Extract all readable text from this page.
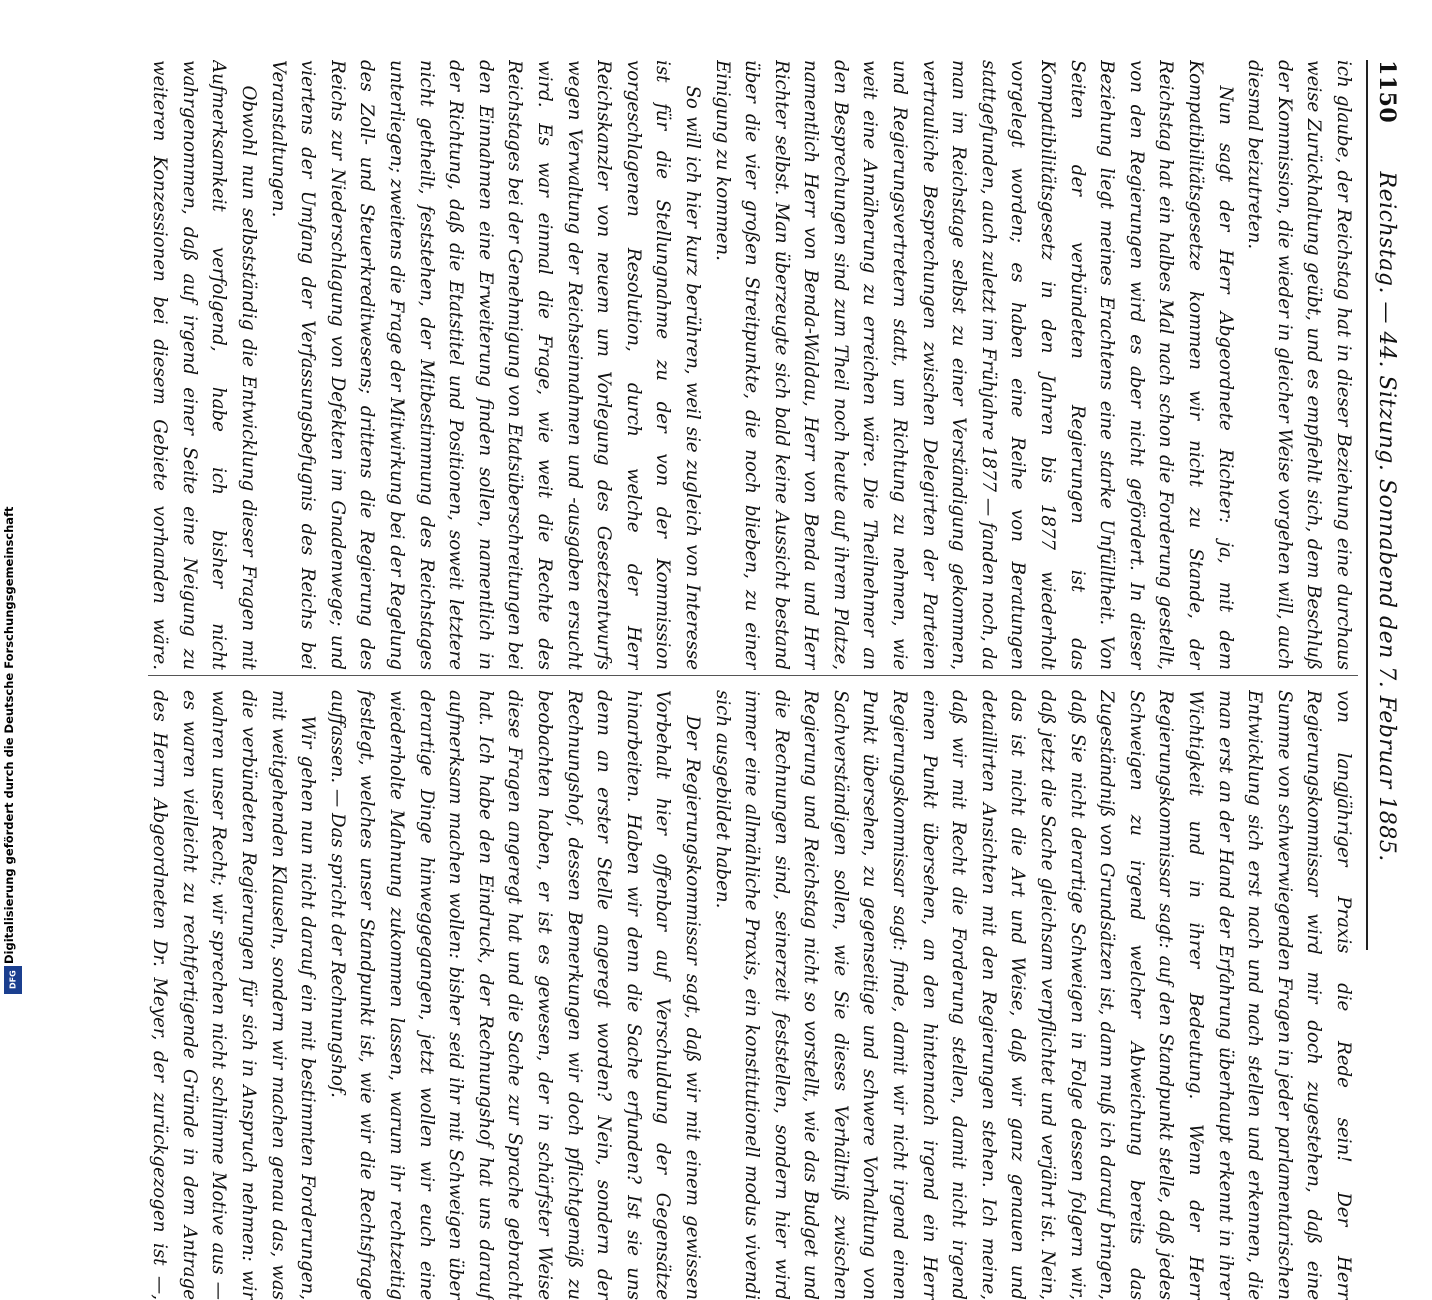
1150
Reichstag. — 44. Sitzung. Sonnabend den 7. Februar 1885.

ich glaube, der Reichstag hat in dieser Beziehung eine durchaus weise Zurückhaltung geübt, und es empfiehlt sich, dem Beschluß der Kommission, die wieder in gleicher Weise vorgehen will, auch diesmal beizutreten.

Nun sagt der Herr Abgeordnete Richter: ja, mit dem Kompatibilitätsgesetze kommen wir nicht zu Stande, der Reichstag hat ein halbes Mal nach schon die Forderung gestellt, von den Regierungen wird es aber nicht gefördert. In dieser Beziehung liegt meines Erachtens eine starke Unfülltheit. Von Seiten der verbündeten Regierungen ist das Kompatibilitätsgesetz in den Jahren bis 1877 wiederholt vorgelegt worden; es haben eine Reihe von Beratungen stattgefunden, auch zuletzt im Frühjahre 1877 — fanden noch, da man im Reichstage selbst zu einer Verständigung gekommen, vertrauliche Besprechungen zwischen Delegirten der Parteien und Regierungsvertretern statt, um Richtung zu nehmen, wie weit eine Annäherung zu erreichen wäre. Die Theilnehmer an den Besprechungen sind zum Theil noch heute auf ihrem Platze, namentlich Herr von Benda-Waldau, Herr von Benda und Herr Richter selbst. Man überzeugte sich bald keine Aussicht bestand über die vier großen Streitpunkte, die noch blieben, zu einer Einigung zu kommen.

So will ich hier kurz berühren, weil sie zugleich von Interesse ist für die Stellungnahme zu der von der Kommission vorgeschlagenen Resolution, durch welche der Herr Reichskanzler von neuem um Vorlegung des Gesetzentwurfs wegen Verwaltung der Reichseinnahmen und -ausgaben ersucht wird. Es war einmal die Frage, wie weit die Rechte des Reichstages bei der Genehmigung von Etatsüberschreitungen bei den Einnahmen eine Erweiterung finden sollen, namentlich in der Richtung, daß die Etatstitel und Positionen, soweit letztere nicht getheilt, feststehen, der Mitbestimmung des Reichstages unterliegen; zweitens die Frage der Mitwirkung bei der Regelung des Zoll- und Steuerkreditwesens; drittens die Regierung des Reichs zur Niederschlagung von Defekten im Gnadenwege; und viertens der Umfang der Verfassungsbefugnis des Reichs bei Veranstaltungen.

Obwohl nun selbstständig die Entwicklung dieser Fragen mit Aufmerksamkeit verfolgend, habe ich bisher nicht wahrgenommen, daß auf irgend einer Seite eine Neigung zu weiteren Konzessionen bei diesem Gebiete vorhanden wäre.

von langjähriger Praxis die Rede sein! Der Herr Regierungskommissar wird mir doch zugestehen, daß eine Summe von schwerwiegenden Fragen in jeder parlamentarischen Entwicklung sich erst nach und nach stellen und erkennen, die man erst an der Hand der Erfahrung überhaupt erkennt in ihrer Wichtigkeit und in ihrer Bedeutung. Wenn der Herr Regierungskommissar sagt: auf den Standpunkt stelle, daß jedes Schweigen zu irgend welcher Abweichung bereits das Zugeständniß von Grundsätzen ist, dann muß ich darauf bringen, daß Sie nicht derartige Schweigen in Folge dessen folgern wir, daß jetzt die Sache gleichsam verpflichtet und verjährt ist. Nein, das ist nicht die Art und Weise, daß wir ganz genauen und detaillirten Ansichten mit den Regierungen stehen. Ich meine, daß wir mit Recht die Forderung stellen, damit nicht irgend einen Punkt übersehen, an den hintennach irgend ein Herr Regierungskommissar sagt: finde, damit wir nicht irgend einen Punkt übersehen, zu gegenseitige und schwere Vorhaltung von Sachverständigen sollen, wie Sie dieses Verhältniß zwischen Regierung und Reichstag nicht so vorstellt, wie das Budget und die Rechnungen sind, seinerzeit feststellen, sondern hier wird immer eine allmähliche Praxis, ein konstitutionell modus vivendi sich ausgebildet haben.

Der Regierungskommissar sagt, daß wir mit einem gewissen Vorbehalt hier offenbar auf Verschuldung der Gegensätze hinarbeiten. Haben wir denn die Sache erfunden? Ist sie uns denn an erster Stelle angeregt worden? Nein, sondern der Rechnungshof, dessen Bemerkungen wir doch pflichtgemäß zu beobachten haben, er ist es gewesen, der in schärfster Weise diese Fragen angeregt hat und die Sache zur Sprache gebracht hat. Ich habe den Eindruck, der Rechnungshof hat uns darauf aufmerksam machen wollen: bisher seid ihr mit Schweigen über derartige Dinge hinweggegangen, jetzt wollen wir euch eine wiederholte Mahnung zukommen lassen, warum ihr rechtzeitig festlegt, welches unser Standpunkt ist, wie wir die Rechtsfrage auffassen. — Das spricht der Rechnungshof.

Wir gehen nun nicht darauf ein mit bestimmten Forderungen, mit weitgehenden Klauseln, sondern wir machen genau das, was die verbündeten Regierungen für sich in Anspruch nehmen: wir wahren unser Recht; wir sprechen nicht schlimme Motive aus — es waren vielleicht zu rechtfertigende Gründe in dem Antrage des Herrn Abgeordneten Dr. Meyer, der zurückgezogen ist —,

Digitalisierung gefördert durch die Deutsche Forschungsgemeinschaft
DFG
